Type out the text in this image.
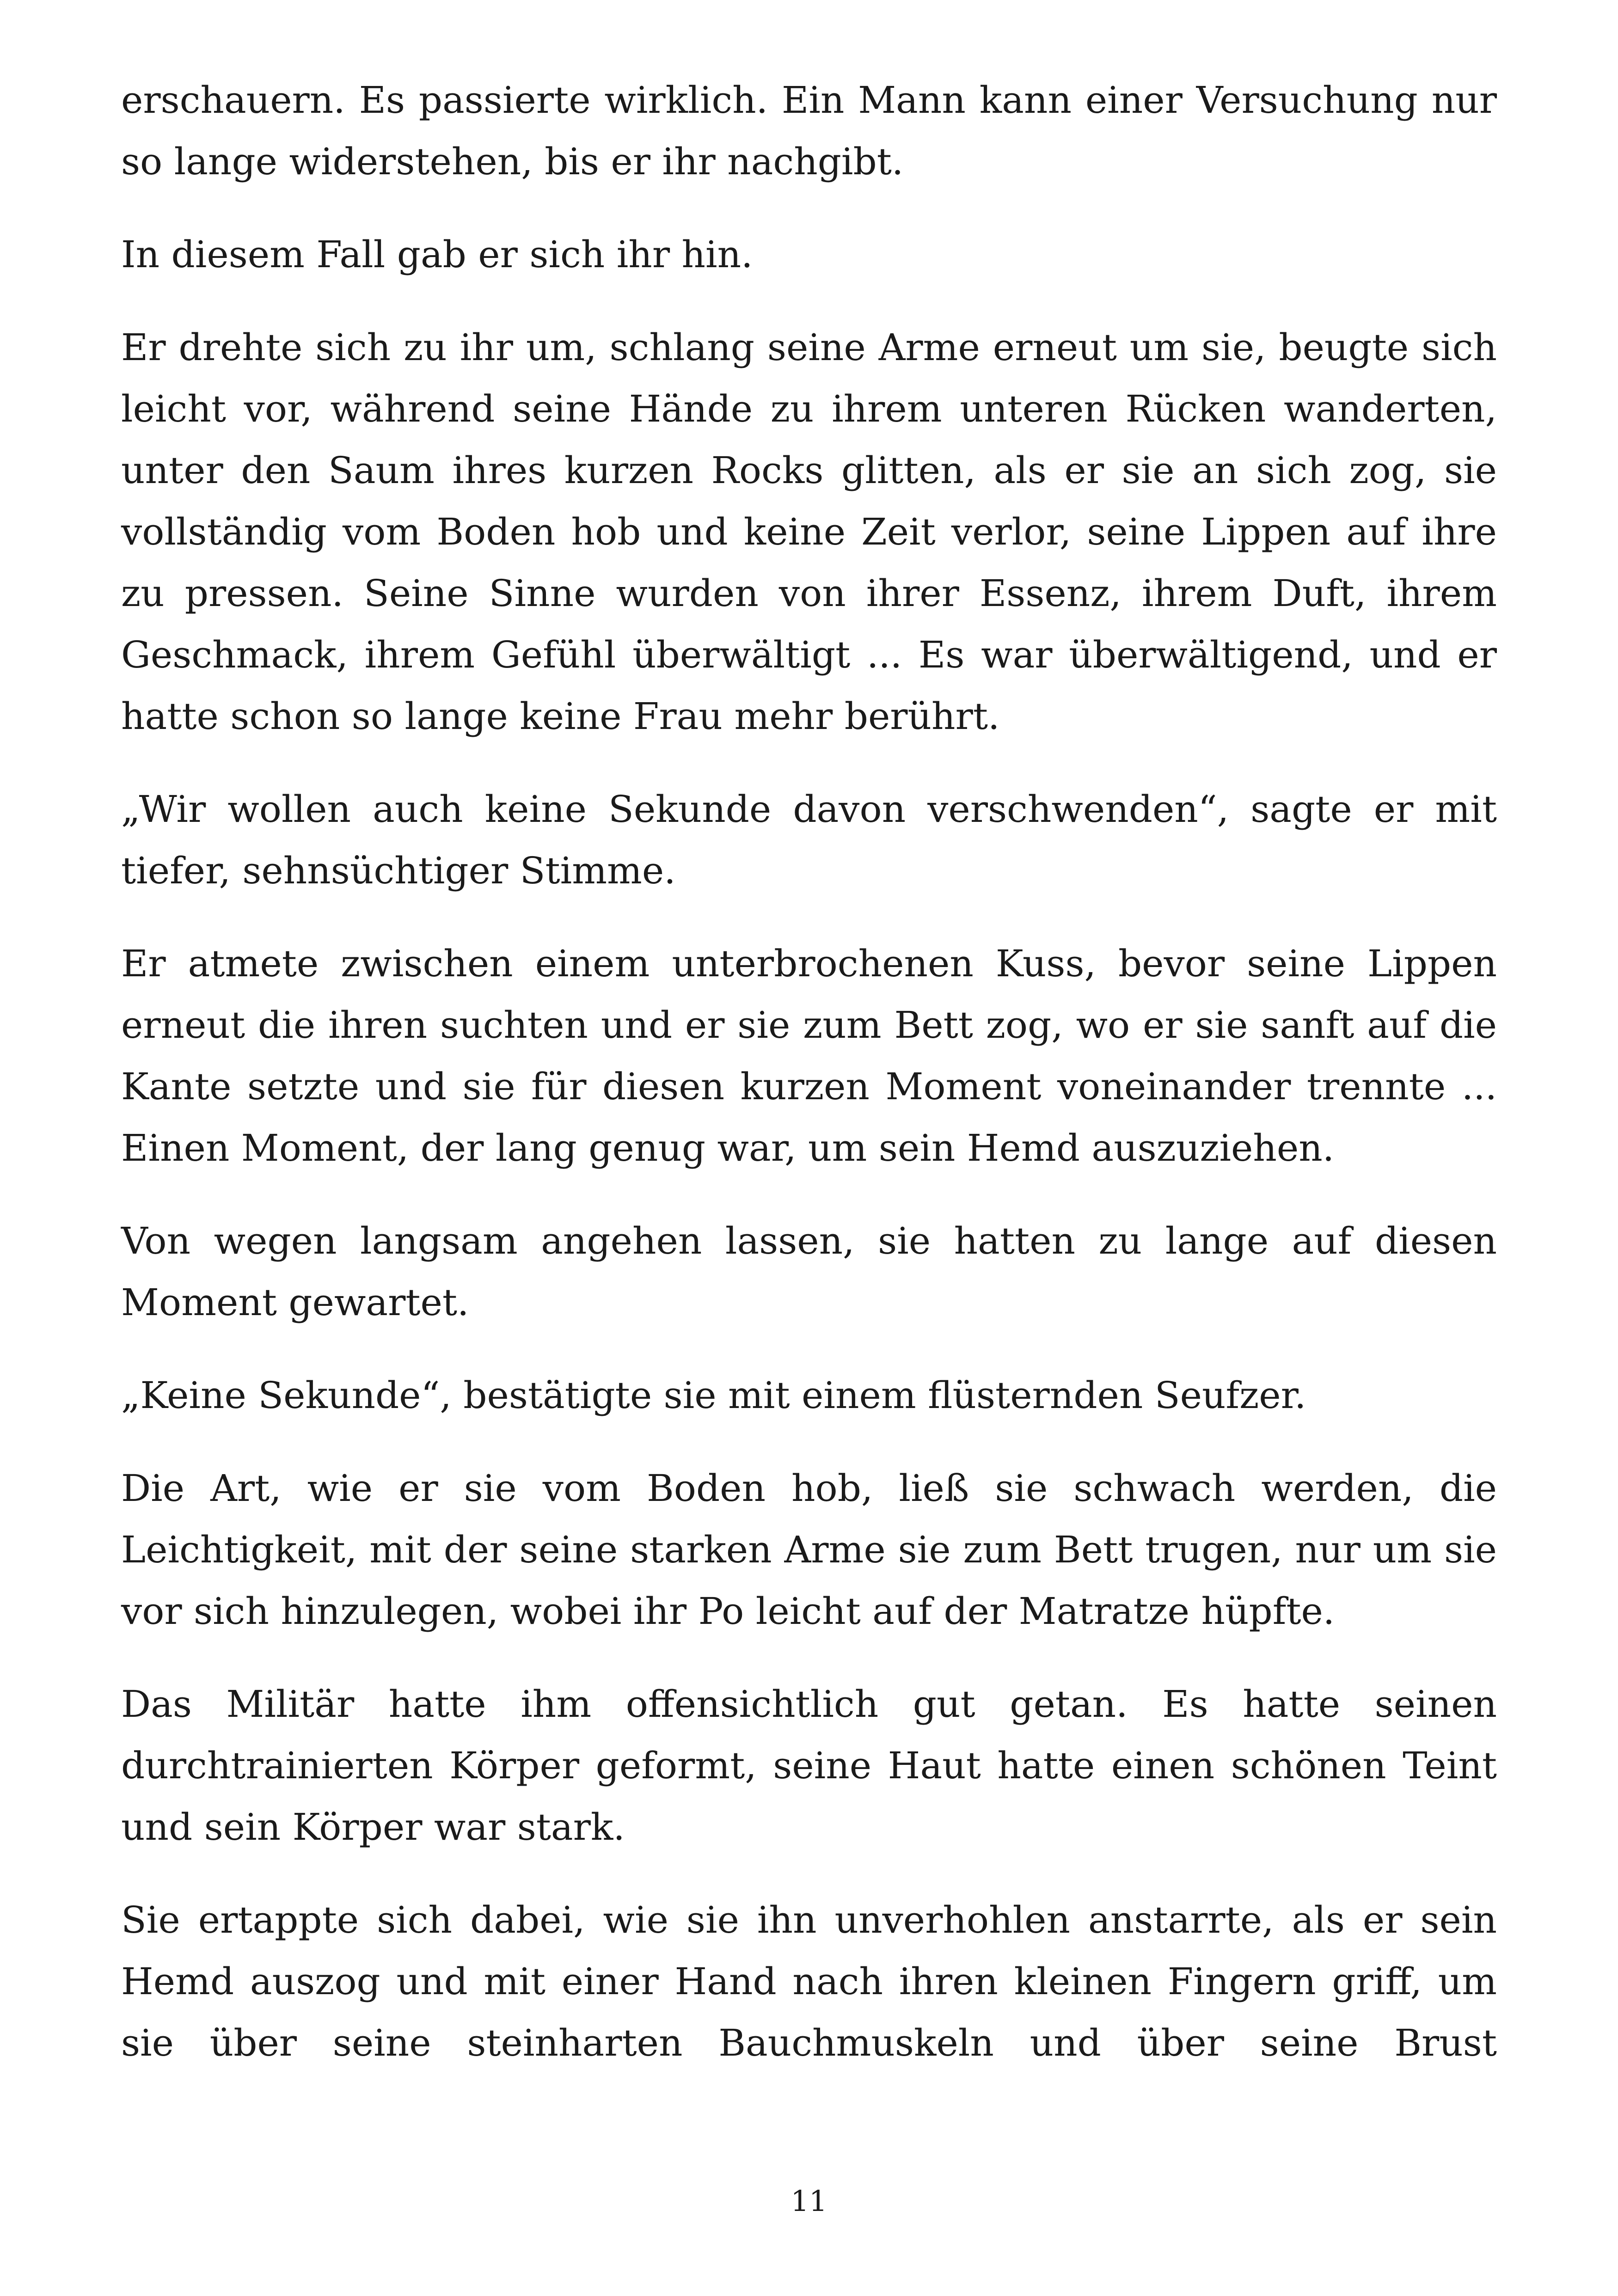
erschauern. Es passierte wirklich. Ein Mann kann einer Versuchung nur so lange widerstehen, bis er ihr nachgibt.

In diesem Fall gab er sich ihr hin.

Er drehte sich zu ihr um, schlang seine Arme erneut um sie, beugte sich leicht vor, während seine Hände zu ihrem unteren Rücken wanderten, unter den Saum ihres kurzen Rocks glitten, als er sie an sich zog, sie vollständig vom Boden hob und keine Zeit verlor, seine Lippen auf ihre zu pressen. Seine Sinne wurden von ihrer Essenz, ihrem Duft, ihrem Geschmack, ihrem Gefühl überwältigt ... Es war überwältigend, und er hatte schon so lange keine Frau mehr berührt.

„Wir wollen auch keine Sekunde davon verschwenden“, sagte er mit tiefer, sehnsüchtiger Stimme.

Er atmete zwischen einem unterbrochenen Kuss, bevor seine Lippen erneut die ihren suchten und er sie zum Bett zog, wo er sie sanft auf die Kante setzte und sie für diesen kurzen Moment voneinander trennte ... Einen Moment, der lang genug war, um sein Hemd auszuziehen.

Von wegen langsam angehen lassen, sie hatten zu lange auf diesen Moment gewartet.

„Keine Sekunde“, bestätigte sie mit einem flüsternden Seufzer.

Die Art, wie er sie vom Boden hob, ließ sie schwach werden, die Leichtigkeit, mit der seine starken Arme sie zum Bett trugen, nur um sie vor sich hinzulegen, wobei ihr Po leicht auf der Matratze hüpfte.

Das Militär hatte ihm offensichtlich gut getan. Es hatte seinen durchtrainierten Körper geformt, seine Haut hatte einen schönen Teint und sein Körper war stark.

Sie ertappte sich dabei, wie sie ihn unverhohlen anstarrte, als er sein Hemd auszog und mit einer Hand nach ihren kleinen Fingern griff, um sie über seine steinharten Bauchmuskeln und über seine Brust

11
